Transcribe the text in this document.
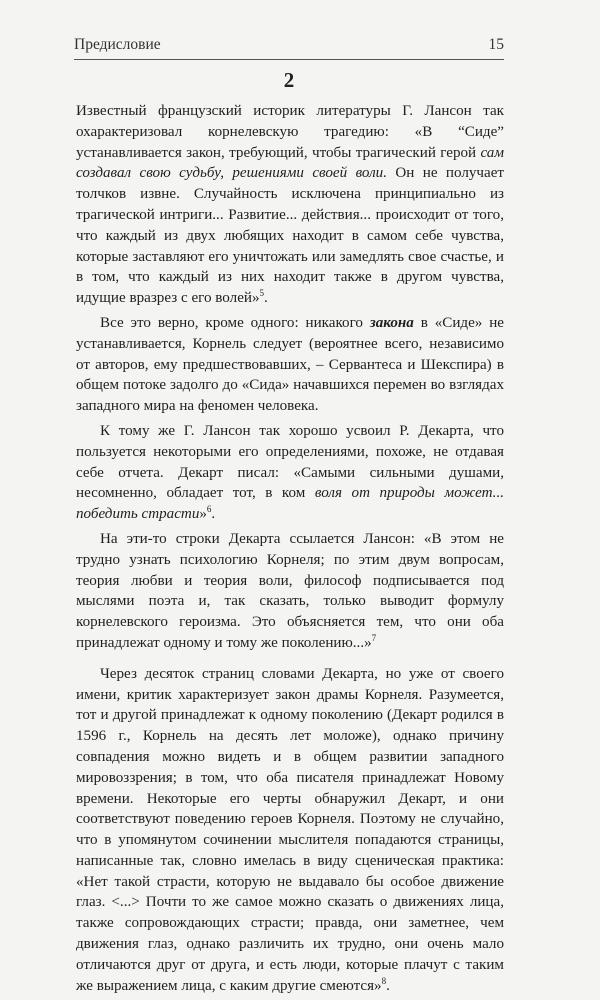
Предисловие	15
2

Известный французский историк литературы Г. Лансон так охарактеризовал корнелевскую трагедию: «В “Сиде” устанавливается закон, требующий, чтобы трагический герой сам создавал свою судьбу, решениями своей воли. Он не получает толчков извне. Случайность исключена принципиально из трагической интриги... Развитие... действия... происходит от того, что каждый из двух любящих находит в самом себе чувства, которые заставляют его уничтожать или замедлять свое счастье, и в том, что каждый из них находит также в другом чувства, идущие вразрез с его волей»$^5$.

Все это верно, кроме одного: никакого закона в «Сиде» не устанавливается, Корнель следует (вероятнее всего, независимо от авторов, ему предшествовавших, – Сервантеса и Шекспира) в общем потоке задолго до «Сида» начавшихся перемен во взглядах западного мира на феномен человека.

К тому же Г. Лансон так хорошо усвоил Р. Декарта, что пользуется некоторыми его определениями, похоже, не отдавая себе отчета. Декарт писал: «Самыми сильными душами, несомненно, обладает тот, в ком воля от природы может... победить страсти»$^6$.

На эти-то строки Декарта ссылается Лансон: «В этом не трудно узнать психологию Корнеля; по этим двум вопросам, теория любви и теория воли, философ подписывается под мыслями поэта и, так сказать, только выводит формулу корнелевского героизма. Это объясняется тем, что они оба принадлежат одному и тому же поколению...»$^7$

Через десяток страниц словами Декарта, но уже от своего имени, критик характеризует закон драмы Корнеля. Разумеется, тот и другой принадлежат к одному поколению (Декарт родился в 1596 г., Корнель на десять лет моложе), однако причину совпадения можно видеть и в общем развитии западного мировоззрения; в том, что оба писателя принадлежат Новому времени. Некоторые его черты обнаружил Декарт, и они соответствуют поведению героев Корнеля. Поэтому не случайно, что в упомянутом сочинении мыслителя попадаются страницы, написанные так, словно имелась в виду сценическая практика: «Нет такой страсти, которую не выдавало бы особое движение глаз. <...> Почти то же самое можно сказать о движениях лица, также сопровождающих страсти; правда, они заметнее, чем движения глаз, однако различить их трудно, они очень мало отличаются друг от друга, и есть люди, которые плачут с таким же выражением лица, с каким другие смеются»$^8$.
